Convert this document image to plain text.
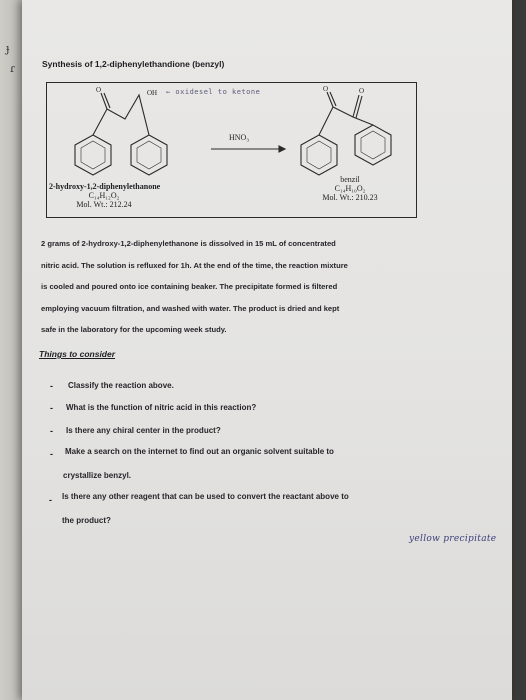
ɟ
ɾ	Synthesis of 1,2-diphenylethandione (benzyl)
O	O	O
OH ← oxidesel to ketone
HNO₃
2-hydroxy-1,2-diphenylethanone
C₁₄H₁₂O₂
Mol. Wt.: 212.24
benzil
C₁₄H₁₀O₂
Mol. Wt.: 210.23
2 grams of 2-hydroxy-1,2-diphenylethanone is dissolved in 15 mL of concentrated
nitric acid. The solution is refluxed for 1h. At the end of the time, the reaction mixture
is cooled and poured onto ice containing beaker. The precipitate formed is filtered
employing vacuum filtration, and washed with water. The product is dried and kept
safe in the laboratory for the upcoming week study.
Things to consider
- Classify the reaction above.
- What is the function of nitric acid in this reaction?
- Is there any chiral center in the product?
- Make a search on the internet to find out an organic solvent suitable to
crystallize benzyl.
- Is there any other reagent that can be used to convert the reactant above to
the product?
yellow precipitate
